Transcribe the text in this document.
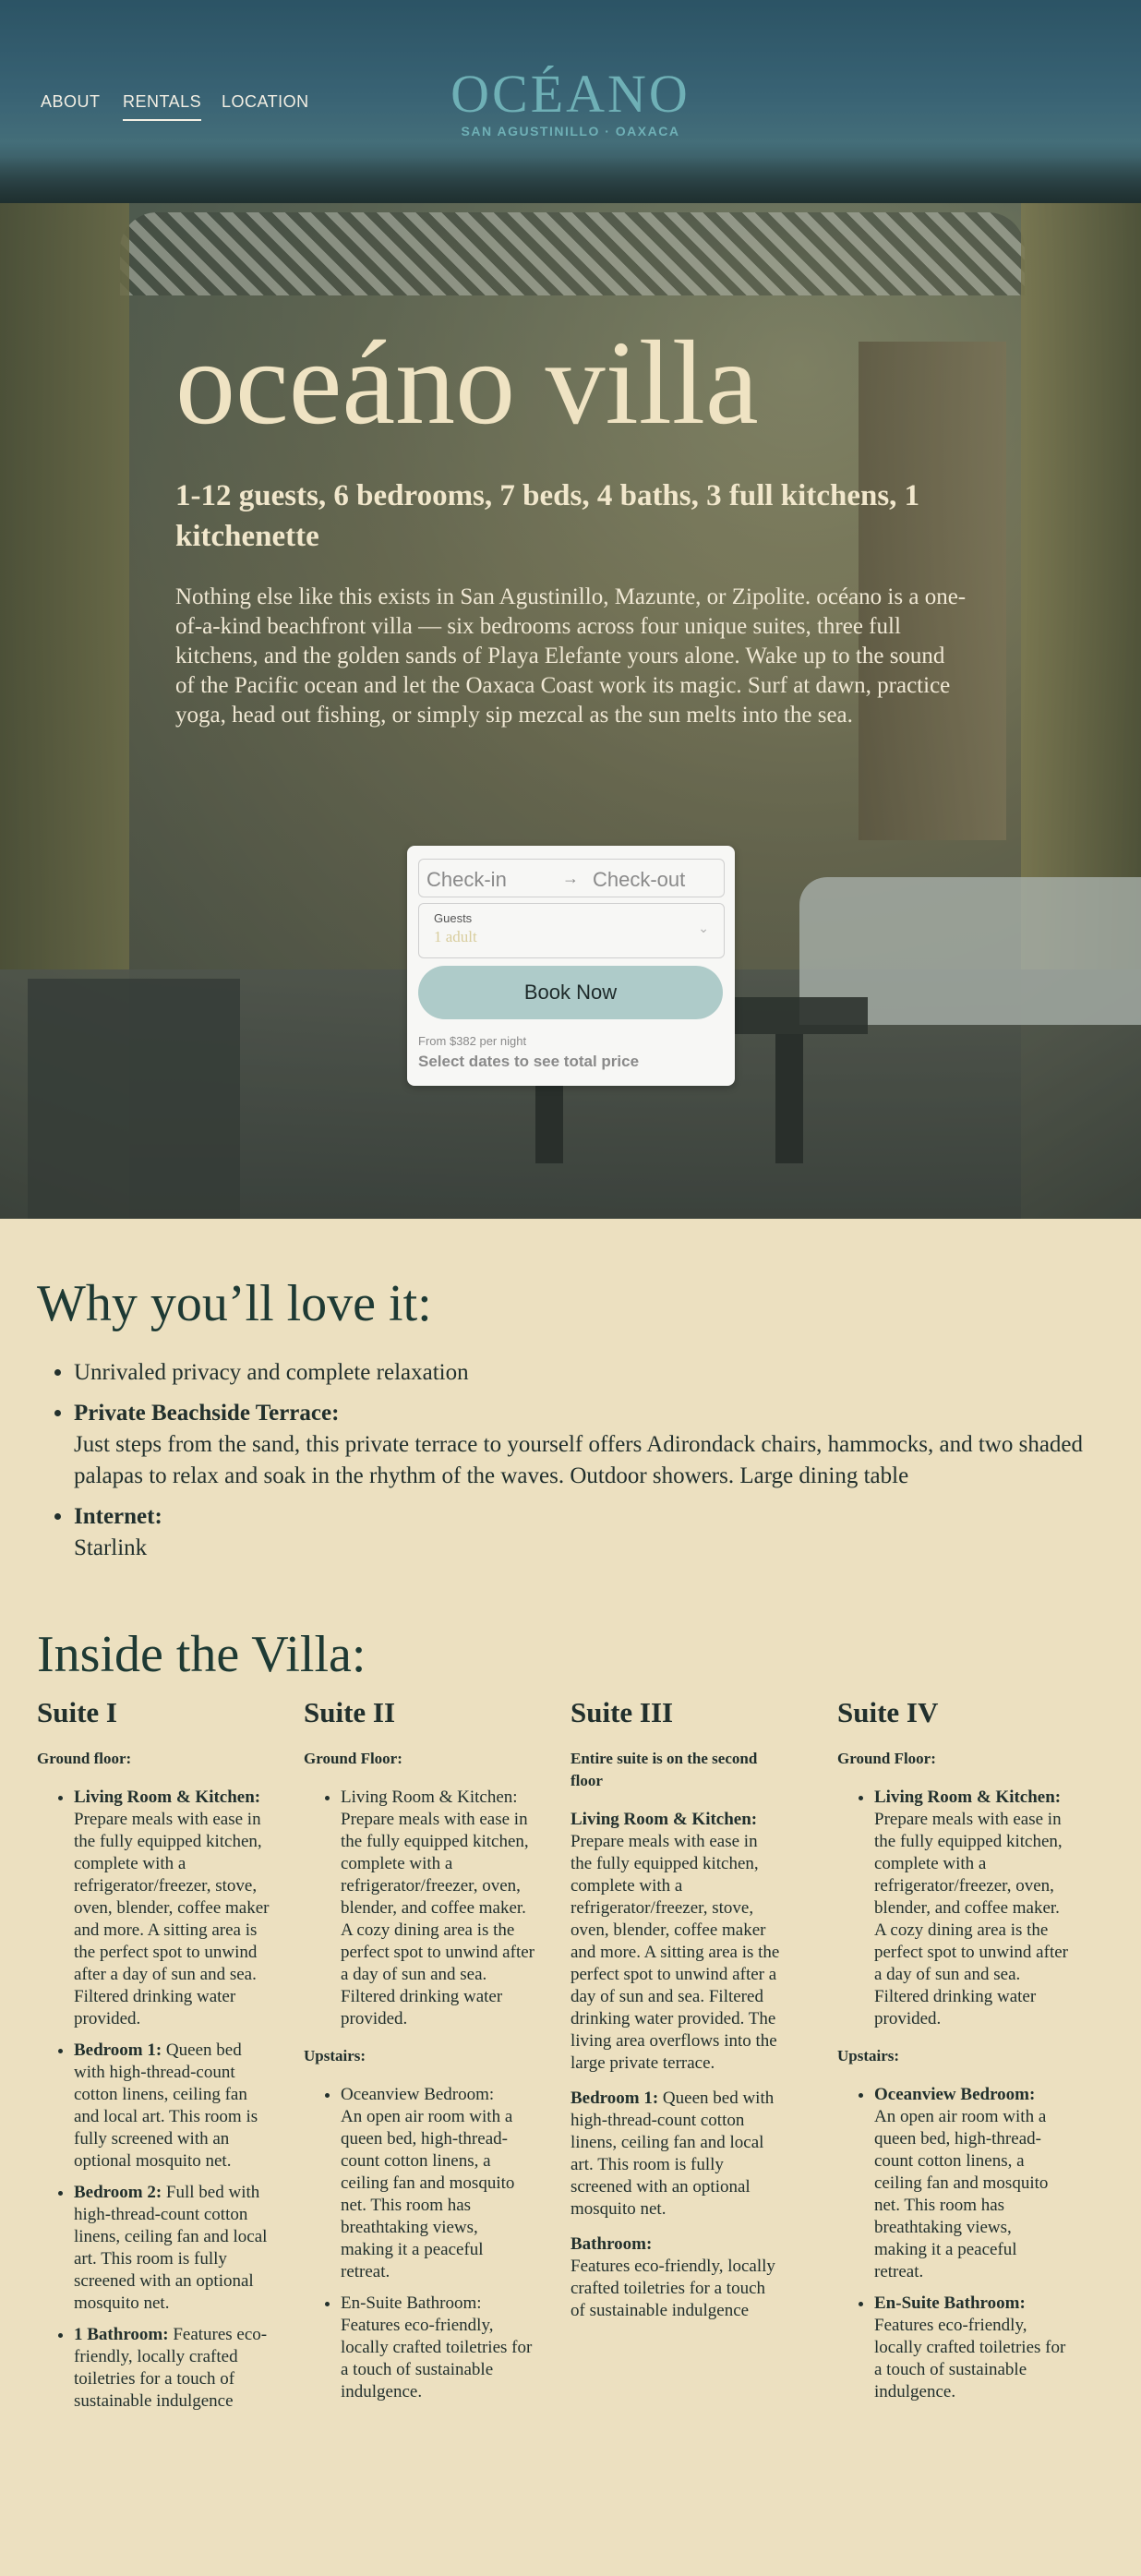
ABOUT RENTALS LOCATION	OCÉANO
SAN AGUSTINILLO · OAXACA
oceáno villa

1-12 guests, 6 bedrooms, 7 beds, 4 baths, 3 full kitchens, 1 kitchenette

Nothing else like this exists in San Agustinillo, Mazunte, or Zipolite. océano is a one-of-a-kind beachfront villa — six bedrooms across four unique suites, three full kitchens, and the golden sands of Playa Elefante yours alone. Wake up to the sound of the Pacific ocean and let the Oaxaca Coast work its magic. Surf at dawn, practice yoga, head out fishing, or simply sip mezcal as the sun melts into the sea.

Check-in	→ Check-out
Guests
1 adult	⌄
Book Now
From $382 per night
Select dates to see total price
Why you’ll love it:
• Unrivaled privacy and complete relaxation
• Private Beachside Terrace:
Just steps from the sand, this private terrace to yourself offers Adirondack chairs, hammocks, and two shaded palapas to relax and soak in the rhythm of the waves. Outdoor showers. Large dining table
• Internet:
Starlink
Inside the Villa:
Suite I
Ground floor:
• Living Room & Kitchen: Prepare meals with ease in the fully equipped kitchen, complete with a refrigerator/freezer, stove, oven, blender, coffee maker and more. A sitting area is the perfect spot to unwind after a day of sun and sea. Filtered drinking water provided.
• Bedroom 1: Queen bed with high-thread-count cotton linens, ceiling fan and local art. This room is fully screened with an optional mosquito net.
• Bedroom 2: Full bed with high-thread-count cotton linens, ceiling fan and local art. This room is fully screened with an optional mosquito net.
• 1 Bathroom: Features eco-friendly, locally crafted toiletries for a touch of sustainable indulgence
Suite II
Ground Floor:
• Living Room & Kitchen:
Prepare meals with ease in the fully equipped kitchen, complete with a refrigerator/freezer, oven, blender, and coffee maker. A cozy dining area is the perfect spot to unwind after a day of sun and sea. Filtered drinking water provided.
Upstairs:
• Oceanview Bedroom:
An open air room with a queen bed, high-thread-count cotton linens, a ceiling fan and mosquito net. This room has breathtaking views, making it a peaceful retreat.
• En-Suite Bathroom:
Features eco-friendly, locally crafted toiletries for a touch of sustainable indulgence.
Suite III
Entire suite is on the second floor

Living Room & Kitchen:
Prepare meals with ease in the fully equipped kitchen, complete with a refrigerator/freezer, stove, oven, blender, coffee maker and more. A sitting area is the perfect spot to unwind after a day of sun and sea. Filtered drinking water provided. The living area overflows into the large private terrace.

Bedroom 1: Queen bed with high-thread-count cotton linens, ceiling fan and local art. This room is fully screened with an optional mosquito net.

Bathroom:
Features eco-friendly, locally crafted toiletries for a touch of sustainable indulgence

Suite IV
Ground Floor:
• Living Room & Kitchen:
Prepare meals with ease in the fully equipped kitchen, complete with a refrigerator/freezer, oven, blender, and coffee maker. A cozy dining area is the perfect spot to unwind after a day of sun and sea. Filtered drinking water provided.
Upstairs:
• Oceanview Bedroom:
An open air room with a queen bed, high-thread-count cotton linens, a ceiling fan and mosquito net. This room has breathtaking views, making it a peaceful retreat.
• En-Suite Bathroom:
Features eco-friendly, locally crafted toiletries for a touch of sustainable indulgence.
